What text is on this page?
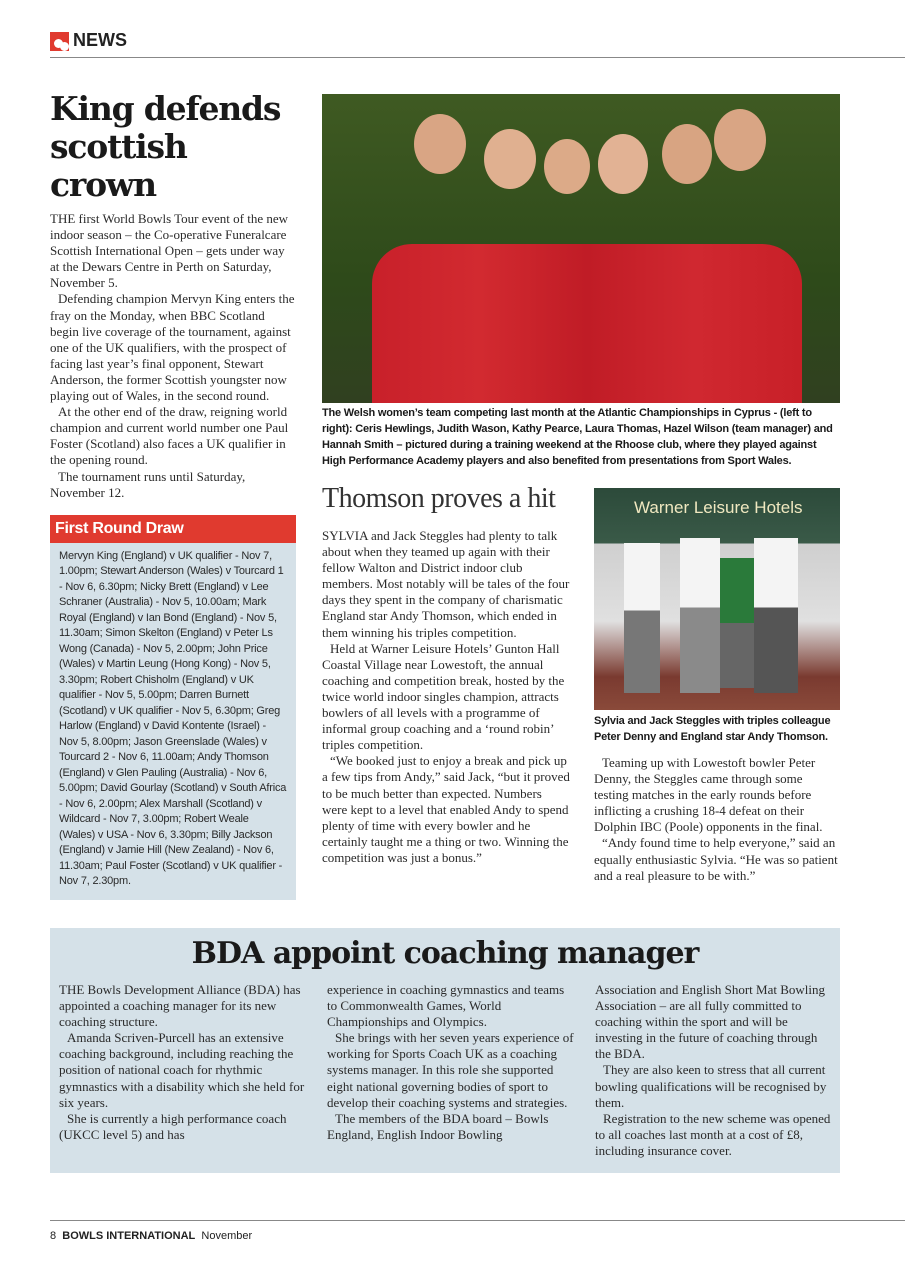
NEWS
King defends scottish crown

THE first World Bowls Tour event of the new indoor season – the Co-operative Funeralcare Scottish International Open – gets under way at the Dewars Centre in Perth on Saturday, November 5.

Defending champion Mervyn King enters the fray on the Monday, when BBC Scotland begin live coverage of the tournament, against one of the UK qualifiers, with the prospect of facing last year’s final opponent, Stewart Anderson, the former Scottish youngster now playing out of Wales, in the second round.

At the other end of the draw, reigning world champion and current world number one Paul Foster (Scotland) also faces a UK qualifier in the opening round.

The tournament runs until Saturday, November 12.

First Round Draw
Mervyn King (England) v UK qualifier - Nov 7, 1.00pm; Stewart Anderson (Wales) v Tourcard 1 - Nov 6, 6.30pm; Nicky Brett (England) v Lee Schraner (Australia) - Nov 5, 10.00am; Mark Royal (England) v Ian Bond (England) - Nov 5, 11.30am; Simon Skelton (England) v Peter Ls Wong (Canada) - Nov 5, 2.00pm; John Price (Wales) v Martin Leung (Hong Kong) - Nov 5, 3.30pm; Robert Chisholm (England) v UK qualifier - Nov 5, 5.00pm; Darren Burnett (Scotland) v UK qualifier - Nov 5, 6.30pm; Greg Harlow (England) v David Kontente (Israel) - Nov 5, 8.00pm; Jason Greenslade (Wales) v Tourcard 2 - Nov 6, 11.00am; Andy Thomson (England) v Glen Pauling (Australia) - Nov 6, 5.00pm; David Gourlay (Scotland) v South Africa - Nov 6, 2.00pm; Alex Marshall (Scotland) v Wildcard - Nov 7, 3.00pm; Robert Weale (Wales) v USA - Nov 6, 3.30pm; Billy Jackson (England) v Jamie Hill (New Zealand) - Nov 6, 11.30am; Paul Foster (Scotland) v UK qualifier - Nov 7, 2.30pm.
The Welsh women’s team competing last month at the Atlantic Championships in Cyprus - (left to right): Ceris Hewlings, Judith Wason, Kathy Pearce, Laura Thomas, Hazel Wilson (team manager) and Hannah Smith – pictured during a training weekend at the Rhoose club, where they played against High Performance Academy players and also benefited from presentations from Sport Wales.
Thomson proves a hit

SYLVIA and Jack Steggles had plenty to talk about when they teamed up again with their fellow Walton and District indoor club members. Most notably will be tales of the four days they spent in the company of charismatic England star Andy Thomson, which ended in them winning his triples competition.

Held at Warner Leisure Hotels’ Gunton Hall Coastal Village near Lowestoft, the annual coaching and competition break, hosted by the twice world indoor singles champion, attracts bowlers of all levels with a programme of informal group coaching and a ‘round robin’ triples competition.

“We booked just to enjoy a break and pick up a few tips from Andy,” said Jack, “but it proved to be much better than expected. Numbers were kept to a level that enabled Andy to spend plenty of time with every bowler and he certainly taught me a thing or two. Winning the competition was just a bonus.”

Warner Leisure Hotels
Sylvia and Jack Steggles with triples colleague Peter Denny and England star Andy Thomson.

Teaming up with Lowestoft bowler Peter Denny, the Steggles came through some testing matches in the early rounds before inflicting a crushing 18-4 defeat on their Dolphin IBC (Poole) opponents in the final.

“Andy found time to help everyone,” said an equally enthusiastic Sylvia. “He was so patient and a real pleasure to be with.”

BDA appoint coaching manager

THE Bowls Development Alliance (BDA) has appointed a coaching manager for its new coaching structure.

Amanda Scriven-Purcell has an extensive coaching background, including reaching the position of national coach for rhythmic gymnastics with a disability which she held for six years.

She is currently a high performance coach (UKCC level 5) and has

experience in coaching gymnastics and teams to Commonwealth Games, World Championships and Olympics.

She brings with her seven years experience of working for Sports Coach UK as a coaching systems manager. In this role she supported eight national governing bodies of sport to develop their coaching systems and strategies.

The members of the BDA board – Bowls England, English Indoor Bowling

Association and English Short Mat Bowling Association – are all fully committed to coaching within the sport and will be investing in the future of coaching through the BDA.

They are also keen to stress that all current bowling qualifications will be recognised by them.

Registration to the new scheme was opened to all coaches last month at a cost of £8, including insurance cover.

8 BOWLS INTERNATIONAL November
